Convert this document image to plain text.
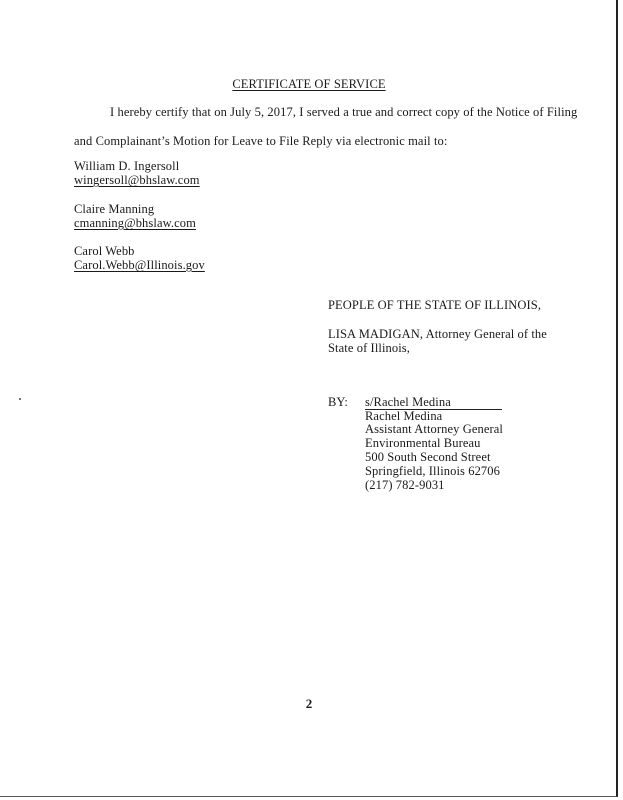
CERTIFICATE OF SERVICE
I hereby certify that on July 5, 2017, I served a true and correct copy of the Notice of Filing
and Complainant’s Motion for Leave to File Reply via electronic mail to:
William D. Ingersoll
wingersoll@bhslaw.com
Claire Manning
cmanning@bhslaw.com
Carol Webb
Carol.Webb@Illinois.gov
PEOPLE OF THE STATE OF ILLINOIS,
LISA MADIGAN, Attorney General of the
State of Illinois,
BY: s/Rachel Medina
Rachel Medina
Assistant Attorney General
Environmental Bureau
500 South Second Street
Springfield, Illinois 62706
(217) 782-9031
2
